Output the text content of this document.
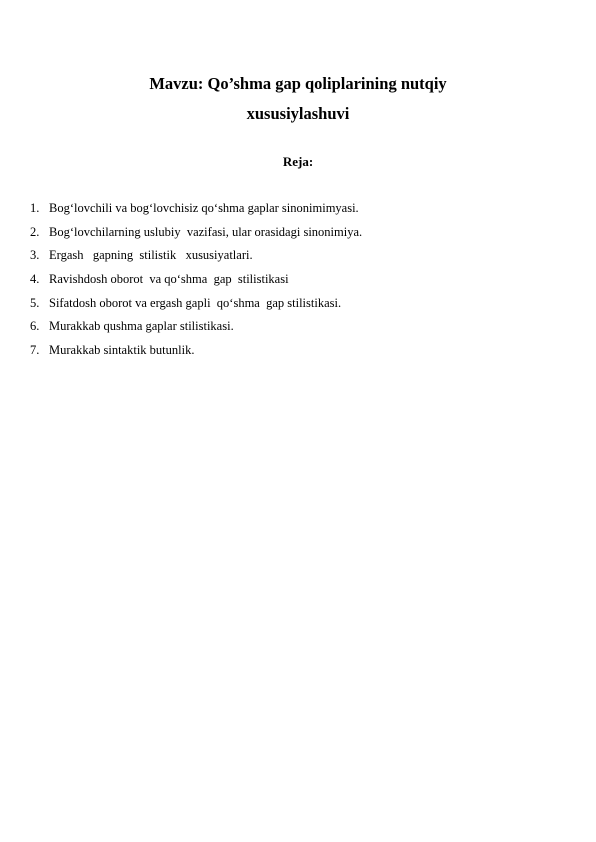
Mavzu: Qo’shma gap qoliplarining nutqiy
xususiylashuvi
Reja:

1.

Bog‘lovchili va bog‘lovchisiz qo‘shma gaplar sinonimimyasi.

2.

Bog‘lovchilarning uslubiy  vazifasi, ular orasidagi sinonimiya.

3.

Ergash   gapning  stilistik   xususiyatlari.

4.

Ravishdosh oborot  va qo‘shma  gap  stilistikasi

5.

Sifatdosh oborot va ergash gapli  qo‘shma  gap stilistikasi.

6.

Murakkab qushma gaplar stilistikasi.

7.

Murakkab sintaktik butunlik.
